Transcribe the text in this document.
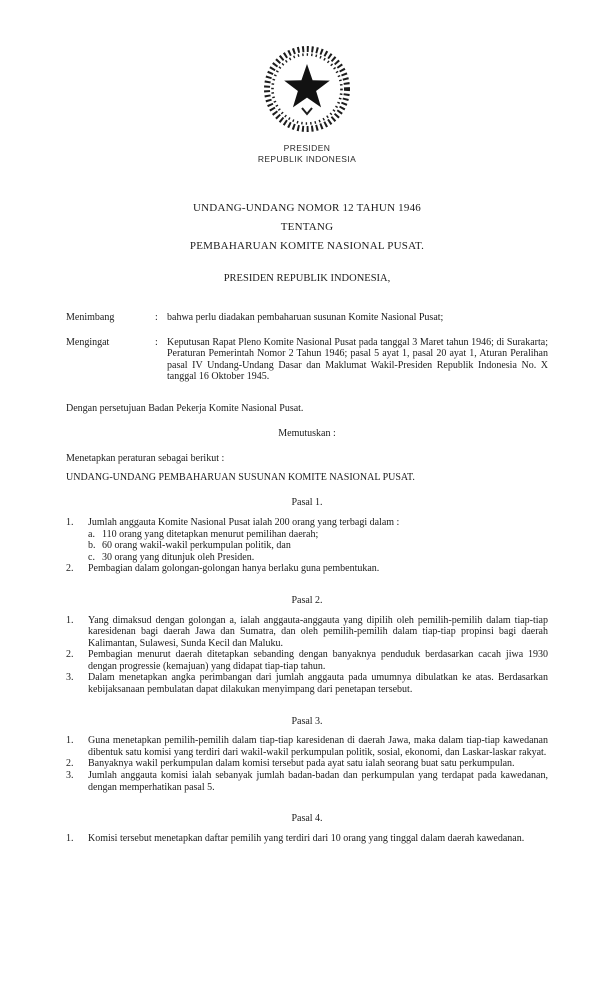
PRESIDEN
REPUBLIK INDONESIA
UNDANG-UNDANG NOMOR 12 TAHUN 1946
TENTANG
PEMBAHARUAN KOMITE NASIONAL PUSAT.
PRESIDEN REPUBLIK INDONESIA,
Menimbang	: bahwa perlu diadakan pembaharuan susunan Komite Nasional Pusat;
Mengingat	: Keputusan Rapat Pleno Komite Nasional Pusat pada tanggal 3 Maret tahun 1946; di Surakarta; Peraturan Pemerintah Nomor 2 Tahun 1946; pasal 5 ayat 1, pasal 20 ayat 1, Aturan Peralihan pasal IV Undang-Undang Dasar dan Maklumat Wakil-Presiden Republik Indonesia No. X tanggal 16 Oktober 1945.
Dengan persetujuan Badan Pekerja Komite Nasional Pusat.
Memutuskan :
Menetapkan peraturan sebagai berikut :
UNDANG-UNDANG PEMBAHARUAN SUSUNAN KOMITE NASIONAL PUSAT.
Pasal 1.
1.	Jumlah anggauta Komite Nasional Pusat ialah 200 orang yang terbagi dalam :
a. 110 orang yang ditetapkan menurut pemilihan daerah;
b. 60 orang wakil-wakil perkumpulan politik, dan
c. 30 orang yang ditunjuk oleh Presiden.
2.	Pembagian dalam golongan-golongan hanya berlaku guna pembentukan.
Pasal 2.
1.	Yang dimaksud dengan golongan a, ialah anggauta-anggauta yang dipilih oleh pemilih-pemilih dalam tiap-tiap karesidenan bagi daerah Jawa dan Sumatra, dan oleh pemilih-pemilih dalam tiap-tiap propinsi bagi daerah Kalimantan, Sulawesi, Sunda Kecil dan Maluku.
2.	Pembagian menurut daerah ditetapkan sebanding dengan banyaknya penduduk berdasarkan cacah jiwa 1930 dengan progressie (kemajuan) yang didapat tiap-tiap tahun.
3.	Dalam menetapkan angka perimbangan dari jumlah anggauta pada umumnya dibulatkan ke atas. Berdasarkan kebijaksanaan pembulatan dapat dilakukan menyimpang dari penetapan tersebut.
Pasal 3.
1.	Guna menetapkan pemilih-pemilih dalam tiap-tiap karesidenan di daerah Jawa, maka dalam tiap-tiap kawedanan dibentuk satu komisi yang terdiri dari wakil-wakil perkumpulan politik, sosial, ekonomi, dan Laskar-laskar rakyat.
2.	Banyaknya wakil perkumpulan dalam komisi tersebut pada ayat satu ialah seorang buat satu perkumpulan.
3.	Jumlah anggauta komisi ialah sebanyak jumlah badan-badan dan perkumpulan yang terdapat pada kawedanan, dengan memperhatikan pasal 5.
Pasal 4.
1.	Komisi tersebut menetapkan daftar pemilih yang terdiri dari 10 orang yang tinggal dalam daerah kawedanan.
